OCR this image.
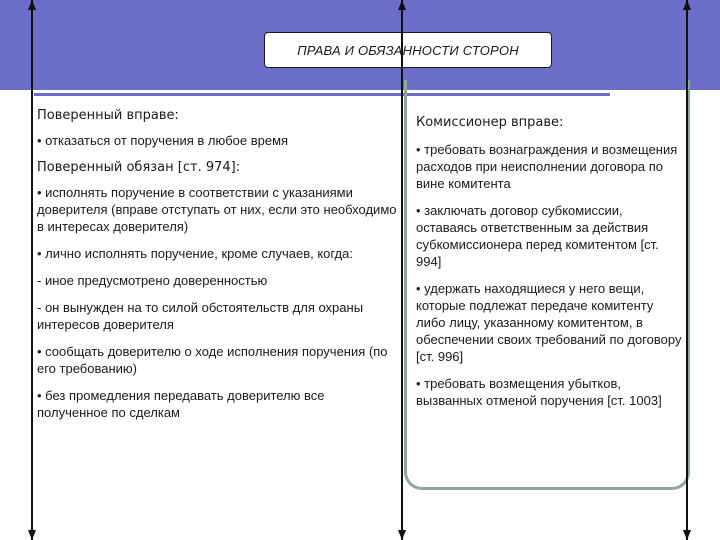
ПРАВА И ОБЯЗАННОСТИ СТОРОН

Поверенный вправе:

• отказаться от поручения в любое время

Поверенный обязан [ст. 974]:

• исполнять поручение в соответствии с указаниями доверителя (вправе отступать от них, если это необходимо в интересах доверителя)

• лично исполнять поручение, кроме случаев, когда:

- иное предусмотрено доверенностью

- он вынужден на то силой обстоятельств для охраны интересов доверителя

• сообщать доверителю о ходе исполнения поручения (по его требованию)

• без промедления передавать доверителю все полученное по сделкам

Комиссионер вправе:

• требовать вознаграждения и возмещения расходов при неисполнении договора по вине комитента

• заключать договор субкомиссии, оставаясь ответственным за действия субкомиссионера перед комитентом [ст. 994]

• удержать находящиеся у него вещи, которые подлежат передаче комитенту либо лицу, указанному комитентом, в обеспечении своих требований по договору [ст. 996]

• требовать возмещения убытков, вызванных отменой поручения [ст. 1003]
